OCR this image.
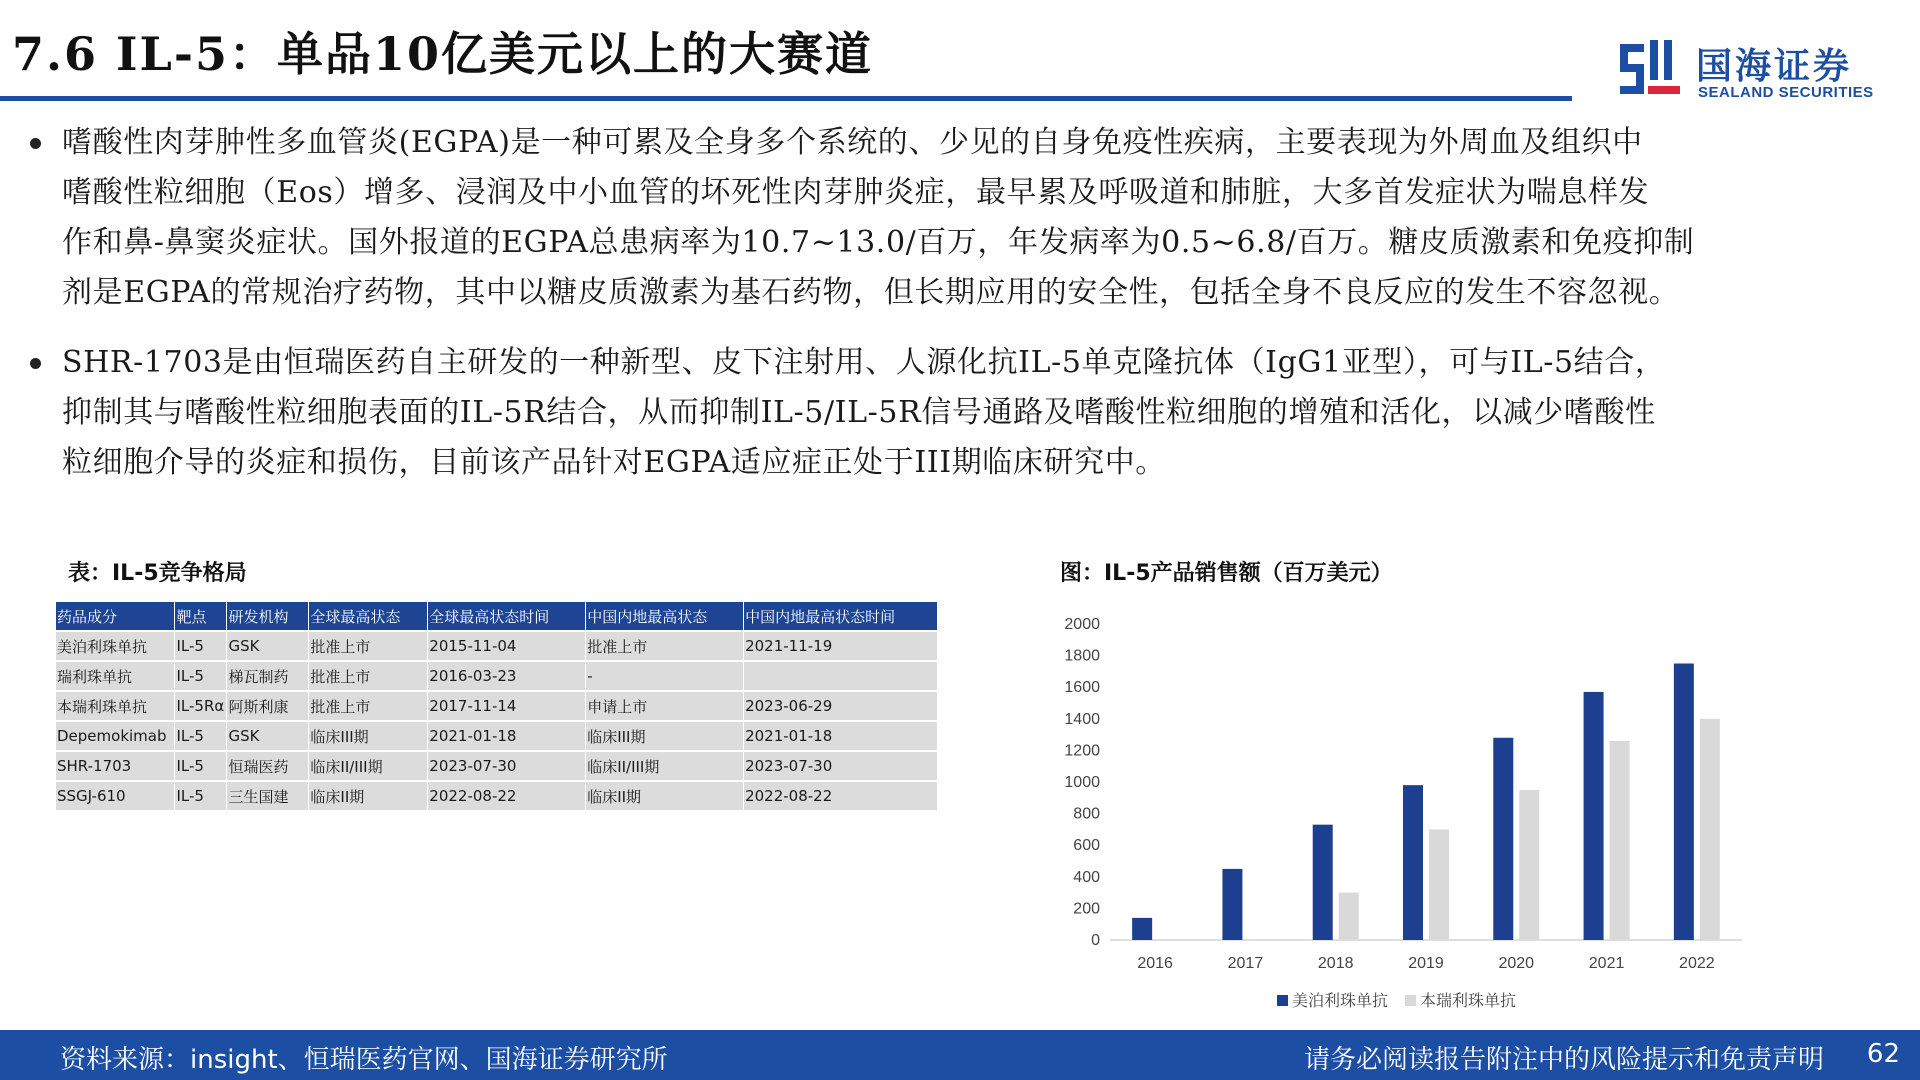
7.6 IL-5：单品10亿美元以上的大赛道	国海证券
SEALAND SECURITIES
嗜酸性肉芽肿性多血管炎(EGPA)是一种可累及全身多个系统的、少见的自身免疫性疾病，主要表现为外周血及组织中
嗜酸性粒细胞（Eos）增多、浸润及中小血管的坏死性肉芽肿炎症，最早累及呼吸道和肺脏，大多首发症状为喘息样发
作和鼻-鼻窦炎症状。国外报道的EGPA总患病率为10.7~13.0/百万，年发病率为0.5~6.8/百万。糖皮质激素和免疫抑制
剂是EGPA的常规治疗药物，其中以糖皮质激素为基石药物，但长期应用的安全性，包括全身不良反应的发生不容忽视。
SHR-1703是由恒瑞医药自主研发的一种新型、皮下注射用、人源化抗IL-5单克隆抗体（IgG1亚型），可与IL-5结合，
抑制其与嗜酸性粒细胞表面的IL-5R结合，从而抑制IL-5/IL-5R信号通路及嗜酸性粒细胞的增殖和活化，以减少嗜酸性
粒细胞介导的炎症和损伤，目前该产品针对EGPA适应症正处于III期临床研究中。
表：IL-5竞争格局
药品成分	靶点	研发机构	全球最高状态	全球最高状态时间	中国内地最高状态	中国内地最高状态时间
美泊利珠单抗	IL-5	GSK	批准上市	2015-11-04	批准上市	2021-11-19
瑞利珠单抗	IL-5	梯瓦制药	批准上市	2016-03-23	-	
本瑞利珠单抗	IL-5Rα	阿斯利康	批准上市	2017-11-14	申请上市	2023-06-29
Depemokimab	IL-5	GSK	临床III期	2021-01-18	临床III期	2021-01-18
SHR-1703	IL-5	恒瑞医药	临床II/III期	2023-07-30	临床II/III期	2023-07-30
SSGJ-610	IL-5	三生国建	临床II期	2022-08-22	临床II期	2022-08-22
图：IL-5产品销售额（百万美元）
0
200
400
600
800
1000
1200
1400
1600
1800
2000
2016	2017	2018	2019	2020	2021	2022
美泊利珠单抗 本瑞利珠单抗
资料来源：insight、恒瑞医药官网、国海证券研究所	请务必阅读报告附注中的风险提示和免责声明 62
